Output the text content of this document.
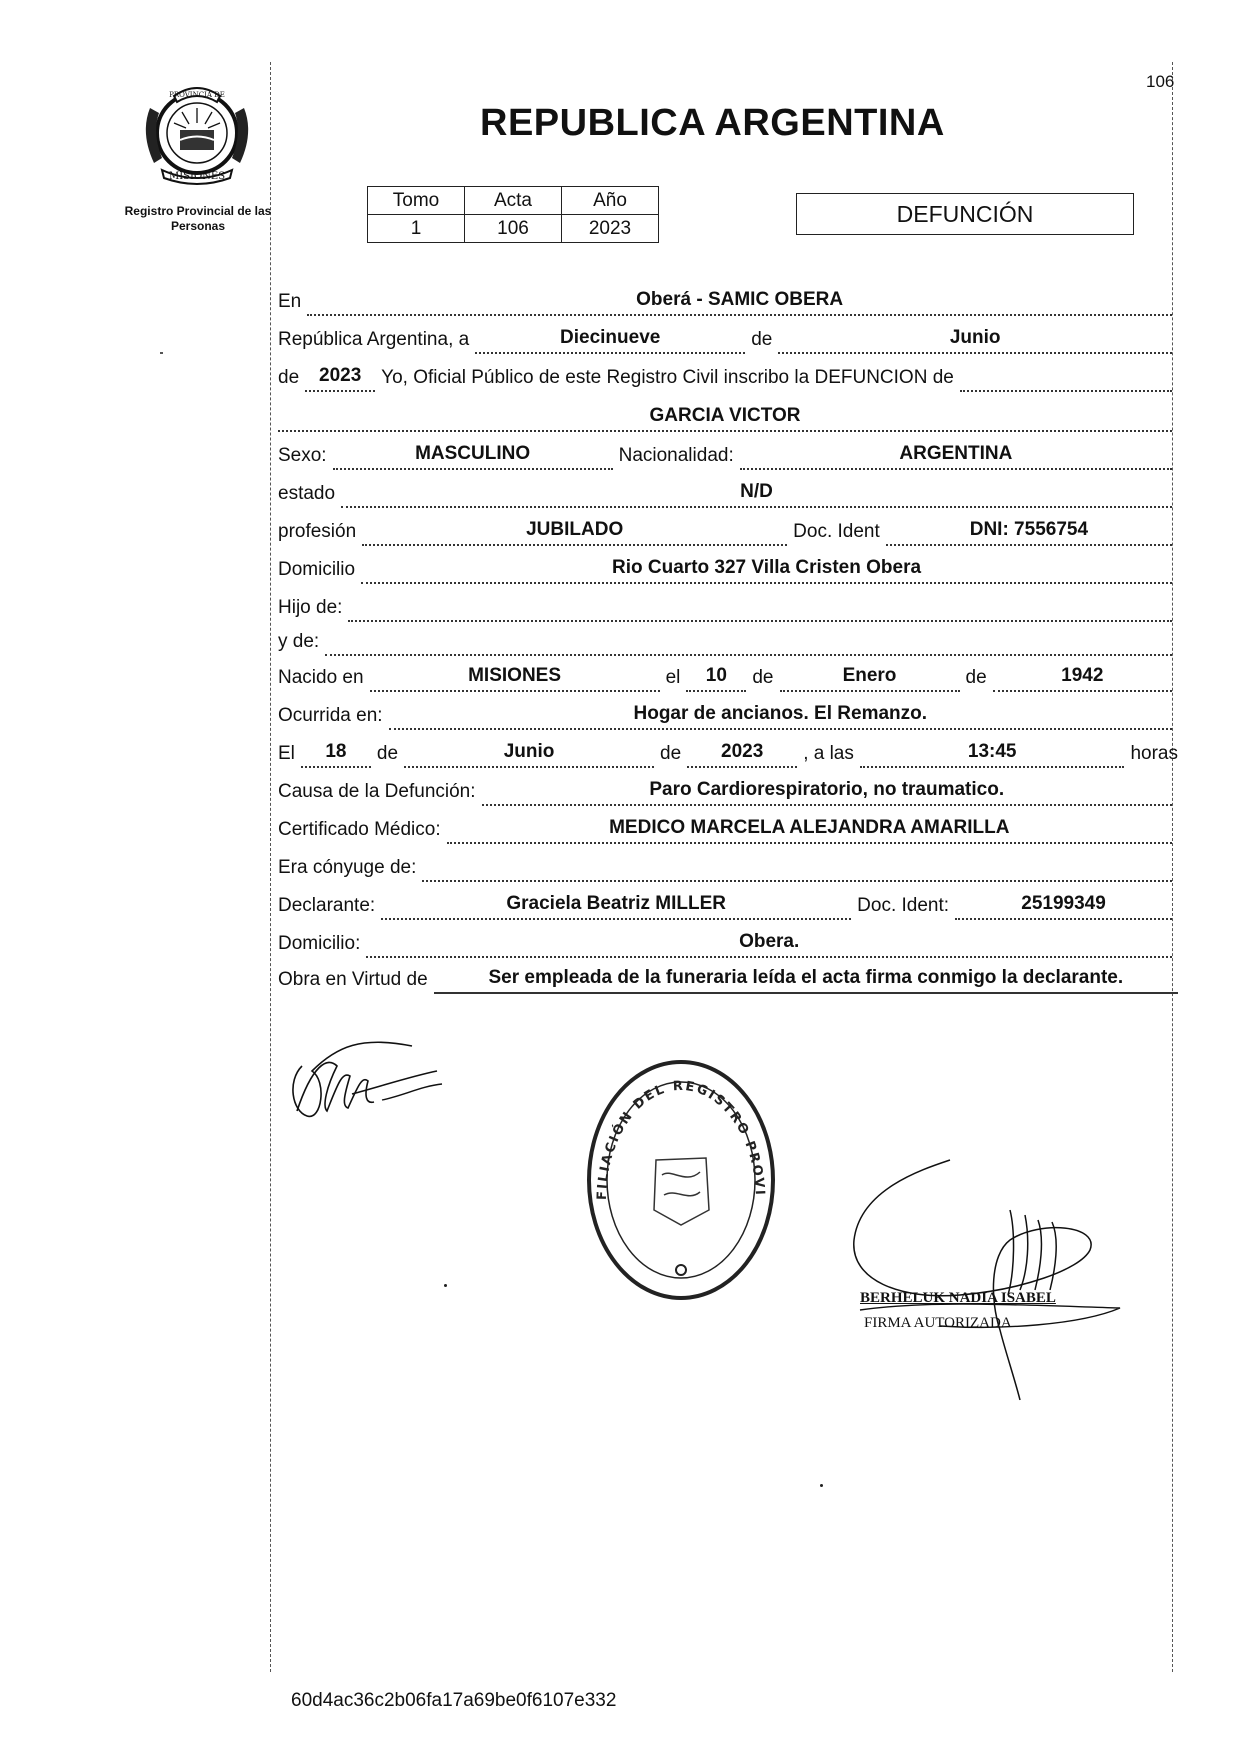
106
MISIONES
PROVINCIA DE
Registro Provincial de las Personas
REPUBLICA ARGENTINA
Tomo	Acta	Año
1	106	2023
DEFUNCIÓN
En	Oberá - SAMIC OBERA
República Argentina, a	Diecinueve	de	Junio
de	2023	Yo, Oficial Público de este Registro Civil inscribo la DEFUNCION de
GARCIA VICTOR
Sexo:	MASCULINO	Nacionalidad:	ARGENTINA
estado	N/D
profesión	JUBILADO	Doc. Ident	DNI: 7556754
Domicilio	Rio Cuarto 327 Villa Cristen Obera
Hijo de:
y de:
Nacido en	MISIONES	el	10	de	Enero	de	1942
Ocurrida en:	Hogar de ancianos. El Remanzo.
El	18	de	Junio	de	2023	, a las	13:45	horas
Causa de la Defunción:	Paro Cardiorespiratorio, no traumatico.
Certificado Médico:	MEDICO MARCELA ALEJANDRA AMARILLA
Era cónyuge de:
Declarante:	Graciela Beatriz MILLER	Doc. Ident:	25199349
Domicilio:	Obera.
Obra en Virtud de	Ser empleada de la funeraria leída el acta firma conmigo la declarante.
FILIACIÓN DEL REGISTRO PROVI
BERHELUK NADIA ISABEL
FIRMA AUTORIZADA
60d4ac36c2b06fa17a69be0f6107e332
